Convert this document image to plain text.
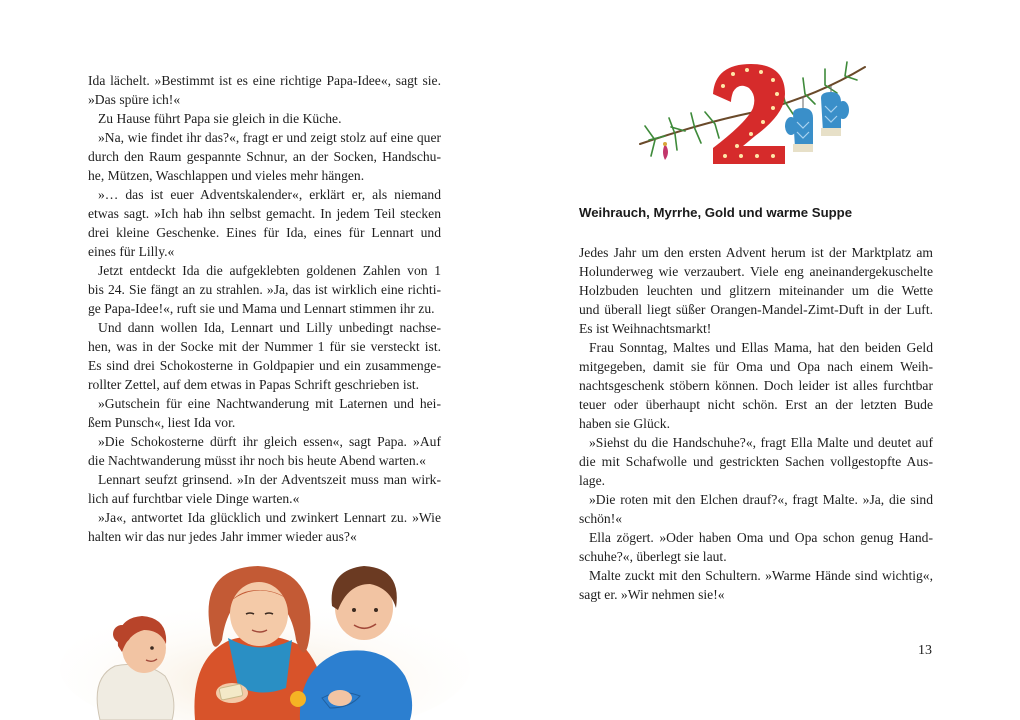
Ida lächelt. »Bestimmt ist es eine richtige Papa-Idee«, sagt sie.
»Das spüre ich!«

Zu Hause führt Papa sie gleich in die Küche.

»Na, wie findet ihr das?«, fragt er und zeigt stolz auf eine quer
durch den Raum gespannte Schnur, an der Socken, Handschu-
he, Mützen, Waschlappen und vieles mehr hängen.

»… das ist euer Adventskalender«, erklärt er, als niemand
etwas sagt. »Ich hab ihn selbst gemacht. In jedem Teil stecken
drei kleine Geschenke. Eines für Ida, eines für Lennart und
eines für Lilly.«

Jetzt entdeckt Ida die aufgeklebten goldenen Zahlen von 1
bis 24. Sie fängt an zu strahlen. »Ja, das ist wirklich eine richti-
ge Papa-Idee!«, ruft sie und Mama und Lennart stimmen ihr zu.

Und dann wollen Ida, Lennart und Lilly unbedingt nachse-
hen, was in der Socke mit der Nummer 1 für sie versteckt ist.
Es sind drei Schokosterne in Goldpapier und ein zusammenge-
rollter Zettel, auf dem etwas in Papas Schrift geschrieben ist.

»Gutschein für eine Nachtwanderung mit Laternen und hei-
ßem Punsch«, liest Ida vor.

»Die Schokosterne dürft ihr gleich essen«, sagt Papa. »Auf
die Nachtwanderung müsst ihr noch bis heute Abend warten.«

Lennart seufzt grinsend. »In der Adventszeit muss man wirk-
lich auf furchtbar viele Dinge warten.«

»Ja«, antwortet Ida glücklich und zwinkert Lennart zu. »Wie
halten wir das nur jedes Jahr immer wieder aus?«

Weihrauch, Myrrhe, Gold und warme Suppe

Jedes Jahr um den ersten Advent herum ist der Marktplatz am
Holunderweg wie verzaubert. Viele eng aneinandergekuschelte
Holzbuden leuchten und glitzern miteinander um die Wette
und überall liegt süßer Orangen-Mandel-Zimt-Duft in der Luft.
Es ist Weihnachtsmarkt!

Frau Sonntag, Maltes und Ellas Mama, hat den beiden Geld
mitgegeben, damit sie für Oma und Opa nach einem Weih-
nachtsgeschenk stöbern können. Doch leider ist alles furchtbar
teuer oder überhaupt nicht schön. Erst an der letzten Bude
haben sie Glück.

»Siehst du die Handschuhe?«, fragt Ella Malte und deutet auf
die mit Schafwolle und gestrickten Sachen vollgestopfte Aus-
lage.

»Die roten mit den Elchen drauf?«, fragt Malte. »Ja, die sind
schön!«

Ella zögert. »Oder haben Oma und Opa schon genug Hand-
schuhe?«, überlegt sie laut.

Malte zuckt mit den Schultern. »Warme Hände sind wichtig«,
sagt er. »Wir nehmen sie!«

13
